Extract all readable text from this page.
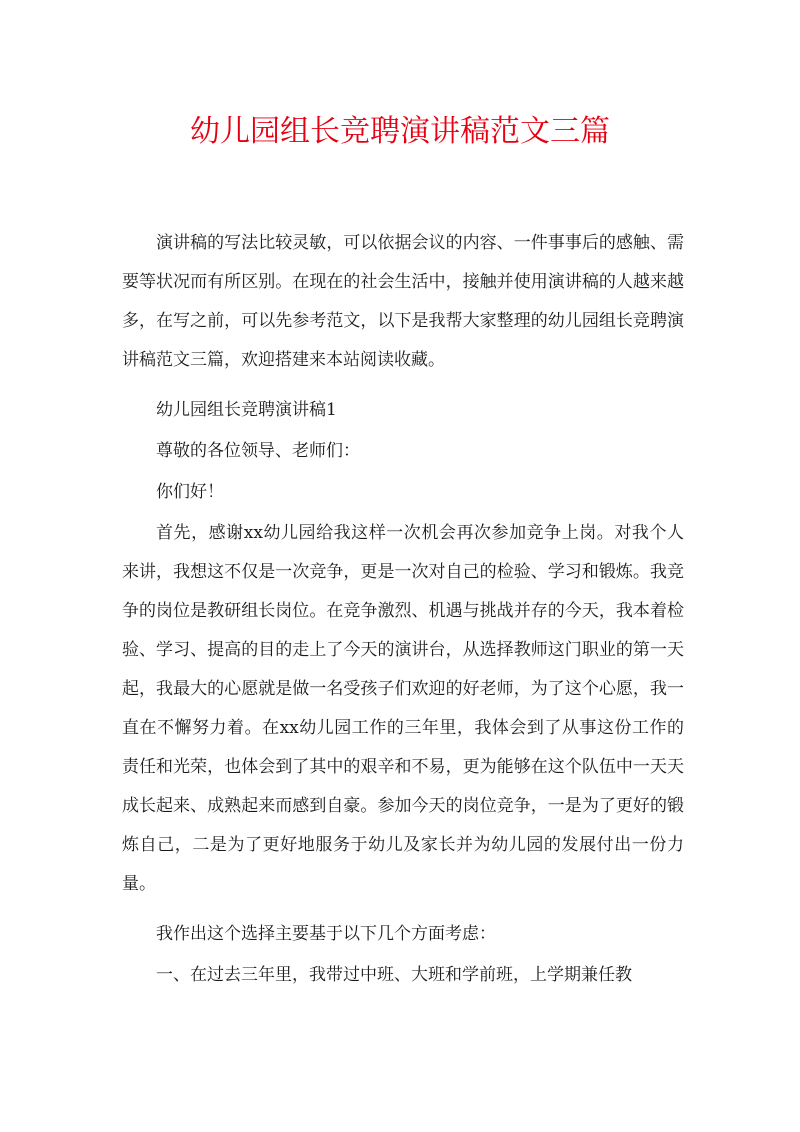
幼儿园组长竞聘演讲稿范文三篇

演讲稿的写法比较灵敏，可以依据会议的内容、一件事事后的感触、需要等状况而有所区别。在现在的社会生活中，接触并使用演讲稿的人越来越多，在写之前，可以先参考范文，以下是我帮大家整理的幼儿园组长竞聘演讲稿范文三篇，欢迎搭建来本站阅读收藏。

幼儿园组长竞聘演讲稿1

尊敬的各位领导、老师们：

你们好！

首先，感谢xx幼儿园给我这样一次机会再次参加竞争上岗。对我个人来讲，我想这不仅是一次竞争，更是一次对自己的检验、学习和锻炼。我竞争的岗位是教研组长岗位。在竞争激烈、机遇与挑战并存的今天，我本着检验、学习、提高的目的走上了今天的演讲台，从选择教师这门职业的第一天起，我最大的心愿就是做一名受孩子们欢迎的好老师，为了这个心愿，我一直在不懈努力着。在xx幼儿园工作的三年里，我体会到了从事这份工作的责任和光荣，也体会到了其中的艰辛和不易，更为能够在这个队伍中一天天成长起来、成熟起来而感到自豪。参加今天的岗位竞争，一是为了更好的锻炼自己，二是为了更好地服务于幼儿及家长并为幼儿园的发展付出一份力量。

我作出这个选择主要基于以下几个方面考虑：

一、在过去三年里，我带过中班、大班和学前班，上学期兼任教
